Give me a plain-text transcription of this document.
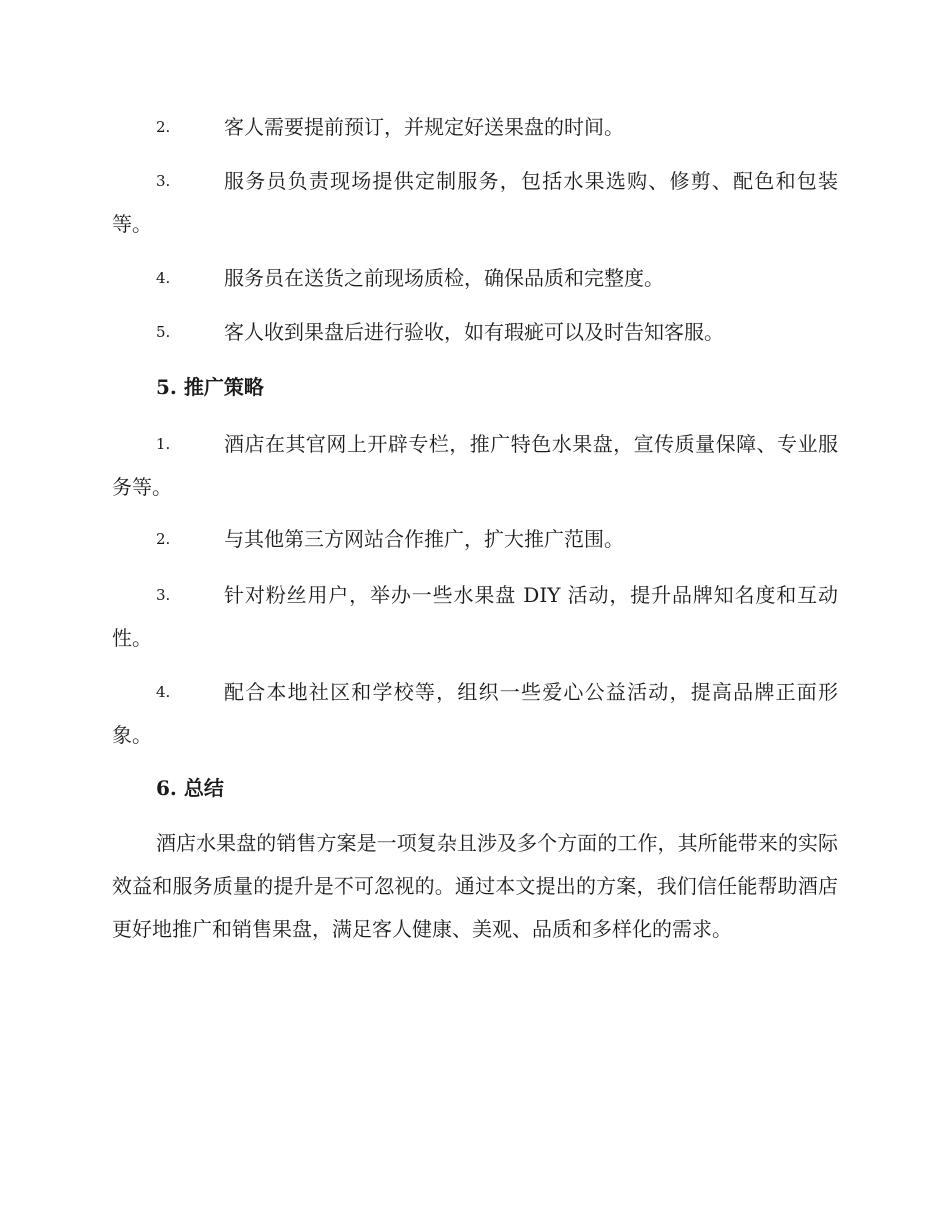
2.	客人需要提前预订，并规定好送果盘的时间。
3.	服务员负责现场提供定制服务，包括水果选购、修剪、配色和包装等。
4.	服务员在送货之前现场质检，确保品质和完整度。
5.	客人收到果盘后进行验收，如有瑕疵可以及时告知客服。
5. 推广策略
1.	酒店在其官网上开辟专栏，推广特色水果盘，宣传质量保障、专业服务等。
2.	与其他第三方网站合作推广，扩大推广范围。
3.	针对粉丝用户，举办一些水果盘 DIY 活动，提升品牌知名度和互动性。
4.	配合本地社区和学校等，组织一些爱心公益活动，提高品牌正面形象。
6. 总结
酒店水果盘的销售方案是一项复杂且涉及多个方面的工作，其所能带来的实际效益和服务质量的提升是不可忽视的。通过本文提出的方案，我们信任能帮助酒店更好地推广和销售果盘，满足客人健康、美观、品质和多样化的需求。
